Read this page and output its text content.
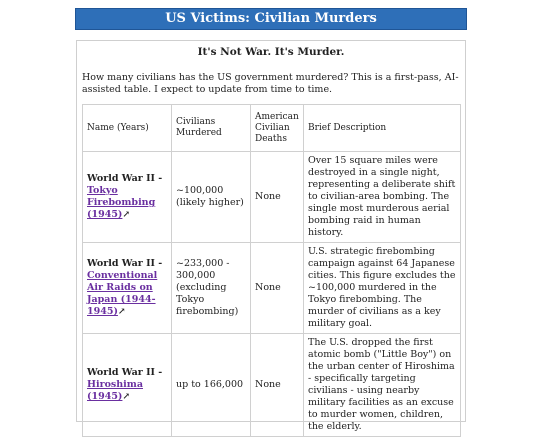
US Victims: Civilian Murders
It's Not War. It's Murder.
How many civilians has the US government murdered? This is a first-pass, AI-assisted table. I expect to update from time to time.
Name (Years)	Civilians Murdered	American Civilian Deaths	Brief Description
World War II -
Tokyo Firebombing (1945)↗	~100,000 (likely higher)	None	Over 15 square miles were destroyed in a single night, representing a deliberate shift to civilian-area bombing. The single most murderous aerial bombing raid in human history.
World War II -
Conventional Air Raids on Japan (1944-1945)↗	~233,000 - 300,000 (excluding Tokyo firebombing)	None	U.S. strategic firebombing campaign against 64 Japanese cities. This figure excludes the ~100,000 murdered in the Tokyo firebombing. The murder of civilians as a key military goal.
World War II -
Hiroshima (1945)↗	up to 166,000	None	The U.S. dropped the first atomic bomb ("Little Boy") on the urban center of Hiroshima - specifically targeting civilians - using nearby military facilities as an excuse to murder women, children, the elderly.
